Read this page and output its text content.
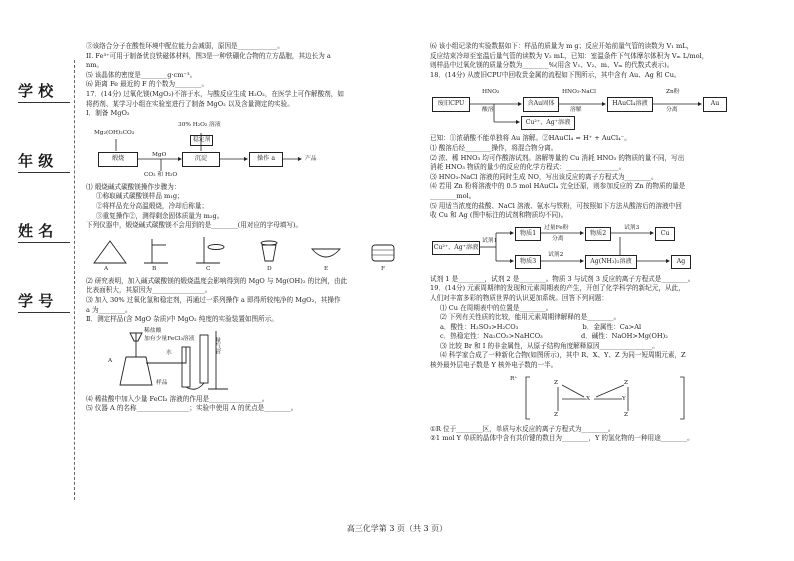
学 校
年 级
姓 名
学 号
③该络合分子在酸性环境中配位能力会减弱，原因是____________。
II. Fe³⁺可用于制备优良铁磁体材料，图3是一种铁硼化合物的立方晶胞，其边长为 a
nm。
⑸ 该晶体的密度是________g·cm⁻³。
⑹ 距离 Fe 最近的 F 的个数为________。
17．(14分) 过氧化镁(MgO₂)不溶于水，与酸反应生成 H₂O₂，在医学上可作解酸剂，如
将药剂、某学习小组在实验室进行了制备 MgO₂ 以及含量测定的实验。
Ⅰ．制备 MgO₂
Mg₂(OH)₂CO₃
煅烧	MgO
30% H₂O₂ 溶液
稳定剂
沉淀	操作 a	产品
CO₂ 和 H₂O
⑴ 煅烧碱式碳酸镁操作步骤为：
①称取碱式碳酸镁样品 m₁g；
②将样品充分高温煅烧，冷却后称量；
③重复操作②，测得剩余固体质量为 m₂g。
下列仪器中，煅烧碱式碳酸镁不会用到的是________(用对应的字母填写)。
A	B	C	D	E	F
⑵ 研究表明，加入碱式碳酸镁的煅烧温度会影响得到的 MgO 与 Mg(OH)₂ 的比例，由此
比表面积大，其原因为________________。
⑶ 加入 30% 过氧化氢和稳定剂，再通过一系列操作 a 即得所较纯净的 MgO₂，其操作
a 为________。
Ⅱ．测定样品(含 MgO 杂质)中 MgO₂ 纯度的实验装置如图所示。
稀盐酸
加有少量FeCl₃溶液
A
水
样品
量气管
⑷ 稀盐酸中加入少量 FeCl₃ 溶液的作用是________________。
⑸ 仪器 A 的名称________________；实验中使用 A 的优点是________。
⑹ 该小组记录的实验数据如下：样品的质量为 m g；反应开始前量气管的读数为 V₁ mL，
反应结束冷却至室温后量气管的读数为 V₂ mL，已知：室温条件下气体摩尔体积为 Vₘ L/mol，
则样品中过氧化镁的质量分数为________%(用含 V₁、V₂、m、Vₘ 的代数式表示)。
18．(14分) 从废旧CPU中回收贵金属的流程如下图所示，其中含有 Au、Ag 和 Cu。
废旧CPU
HNO₃
酸溶
含Au固体
HNO₃-NaCl
溶解
HAuCl₄溶液
Zn粉
分离
Au
Cu²⁺、Ag⁺溶液
已知：①浓硝酸不能单独将 Au 溶解。②HAuCl₄ = H⁺ + AuCl₄⁻。
⑴ 酸溶后经________操作，将混合物分离。
⑵ 浓、稀 HNO₃ 均可作酸溶试剂。溶解等量的 Cu 消耗 HNO₃ 的物质的量不同，写出
消耗 HNO₃ 物质的量少的反应的化学方程式：________________。
⑶ HNO₃-NaCl 溶液的同时生成 NO，写出该反应的离子方程式为________。
⑷ 若用 Zn 粉将溶液中的 0.5 mol HAuCl₄ 完全还原，则参加反应的 Zn 的物质的量是
________mol。
⑸ 用适当浓度的盐酸、NaCl 溶液、氨水与铁粉，可按照如下方法从酸溶后的溶液中回
收 Cu 和 Ag (图中标注的试剂和物质均不同)。
Cu²⁺、Ag⁺溶液
试剂1
物质1
过量Fe粉
分离
物质2
试剂3
Cu
物质3
试剂2
Ag(NH₃)₂溶液	Ag
试剂 1 是________，试剂 2 是________。物质 3 与试剂 3 反应的离子方程式是________。
19．(14分) 元素周期律的发现和元素周期表的产生，开创了化学科学的新纪元，从此，
人们对丰富多彩的物质世界的认识更加系统。回答下列问题：
⑴ Cu 在周期表中的位置是________。
⑵ 下列有关性质的比较，能用元素周期律解释的是________。
a．酸性：H₂SO₃>H₂CO₃	b．金属性：Ca>Al
c．热稳定性：Na₂CO₃>NaHCO₃	d．碱性：NaOH>Mg(OH)₂
⑶ 比较 Br 和 I 的非金属性，从原子结构角度解释原因________________。
⑷ 科学家合成了一种新化合物(如图所示)，其中 R、X、Y、Z 为同一短周期元素，Z
核外最外层电子数是 Y 核外电子数的一半。
R⁺
Z
Z
X	Y
Z
Z
①R 位于________区，单质与水反应的离子方程式为________。
②1 mol Y 单质的晶体中含有共价键的数目为________，Y 的氢化物的一种用途________。
高三化学第 3 页（共 3 页）
